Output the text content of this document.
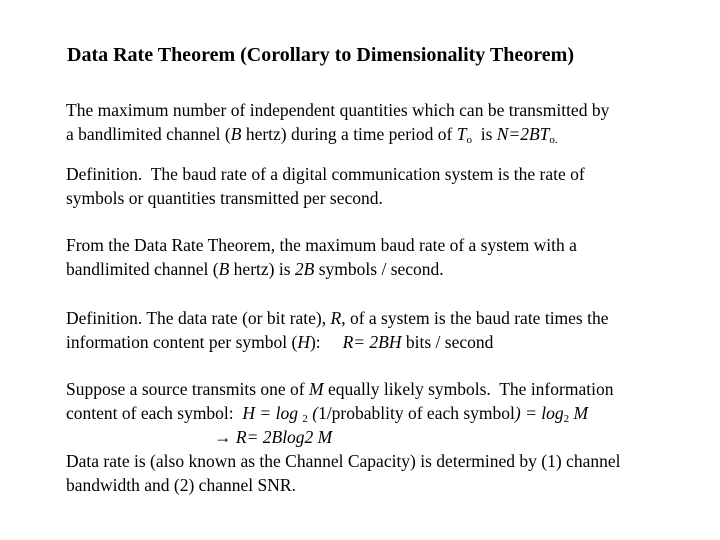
Data Rate Theorem (Corollary to Dimensionality Theorem)
The maximum number of independent quantities which can be transmitted by
a bandlimited channel (B hertz) during a time period of $T_o$  is $N=2BT_{o.}$
Definition.  The baud rate of a digital communication system is the rate of
symbols or quantities transmitted per second.
From the Data Rate Theorem, the maximum baud rate of a system with a
bandlimited channel (B hertz) is 2B symbols / second.
Definition. The data rate (or bit rate), R, of a system is the baud rate times the
information content per symbol (H):     R= 2BH bits / second
Suppose a source transmits one of M equally likely symbols.  The information
content of each symbol:  H = log $_2$ (1/probablity of each symbol) = $\log_2 M$
→ R= 2Blog2 M
Data rate is (also known as the Channel Capacity) is determined by (1) channel
bandwidth and (2) channel SNR.
